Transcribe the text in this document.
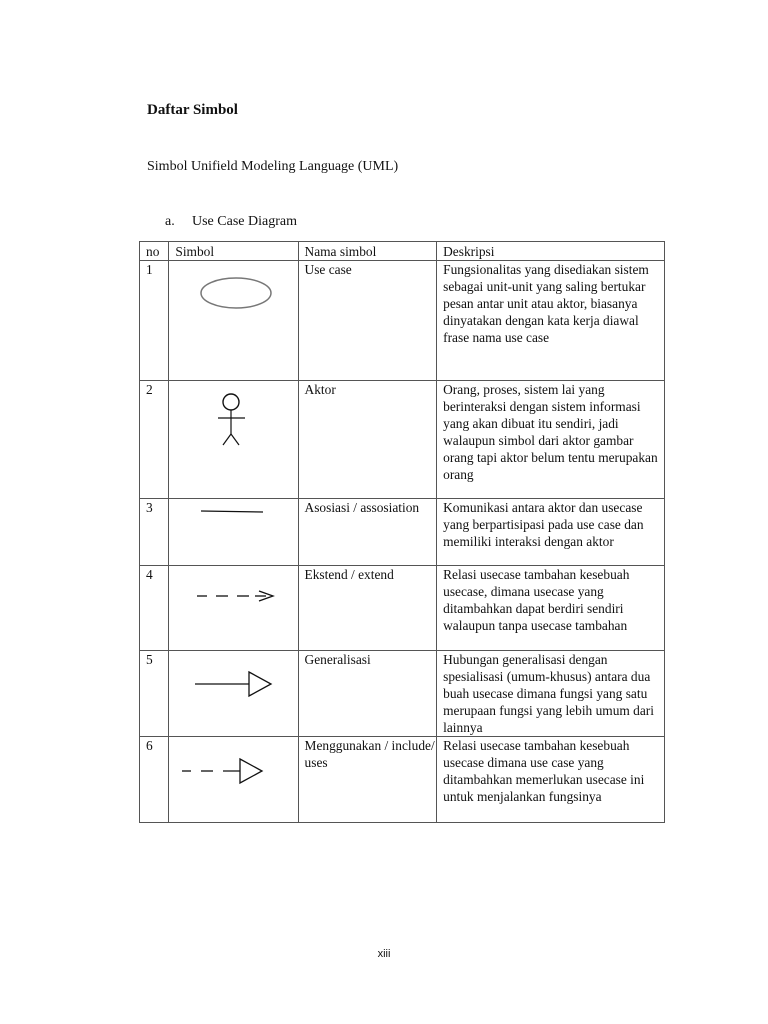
Daftar Simbol

Simbol Unifield Modeling Language (UML)

a. Use Case Diagram

no	Simbol	Nama simbol	Deskripsi
1		Use case	Fungsionalitas yang disediakan sistem sebagai unit-unit yang saling bertukar pesan antar unit atau aktor, biasanya dinyatakan dengan kata kerja diawal frase nama use case
2		Aktor	Orang, proses, sistem lai yang berinteraksi dengan sistem informasi yang akan dibuat itu sendiri, jadi walaupun simbol dari aktor gambar orang tapi aktor belum tentu merupakan orang
3		Asosiasi / assosiation	Komunikasi antara aktor dan usecase yang berpartisipasi pada use case dan memiliki interaksi dengan aktor
4		Ekstend / extend	Relasi usecase tambahan kesebuah usecase, dimana usecase yang ditambahkan dapat berdiri sendiri walaupun tanpa usecase tambahan
5		Generalisasi	Hubungan generalisasi dengan spesialisasi (umum-khusus) antara dua buah usecase dimana fungsi yang satu merupaan fungsi yang lebih umum dari lainnya
6		Menggunakan / include/ uses	Relasi usecase tambahan kesebuah usecase dimana use case yang ditambahkan memerlukan usecase ini untuk menjalankan fungsinya

xiii
